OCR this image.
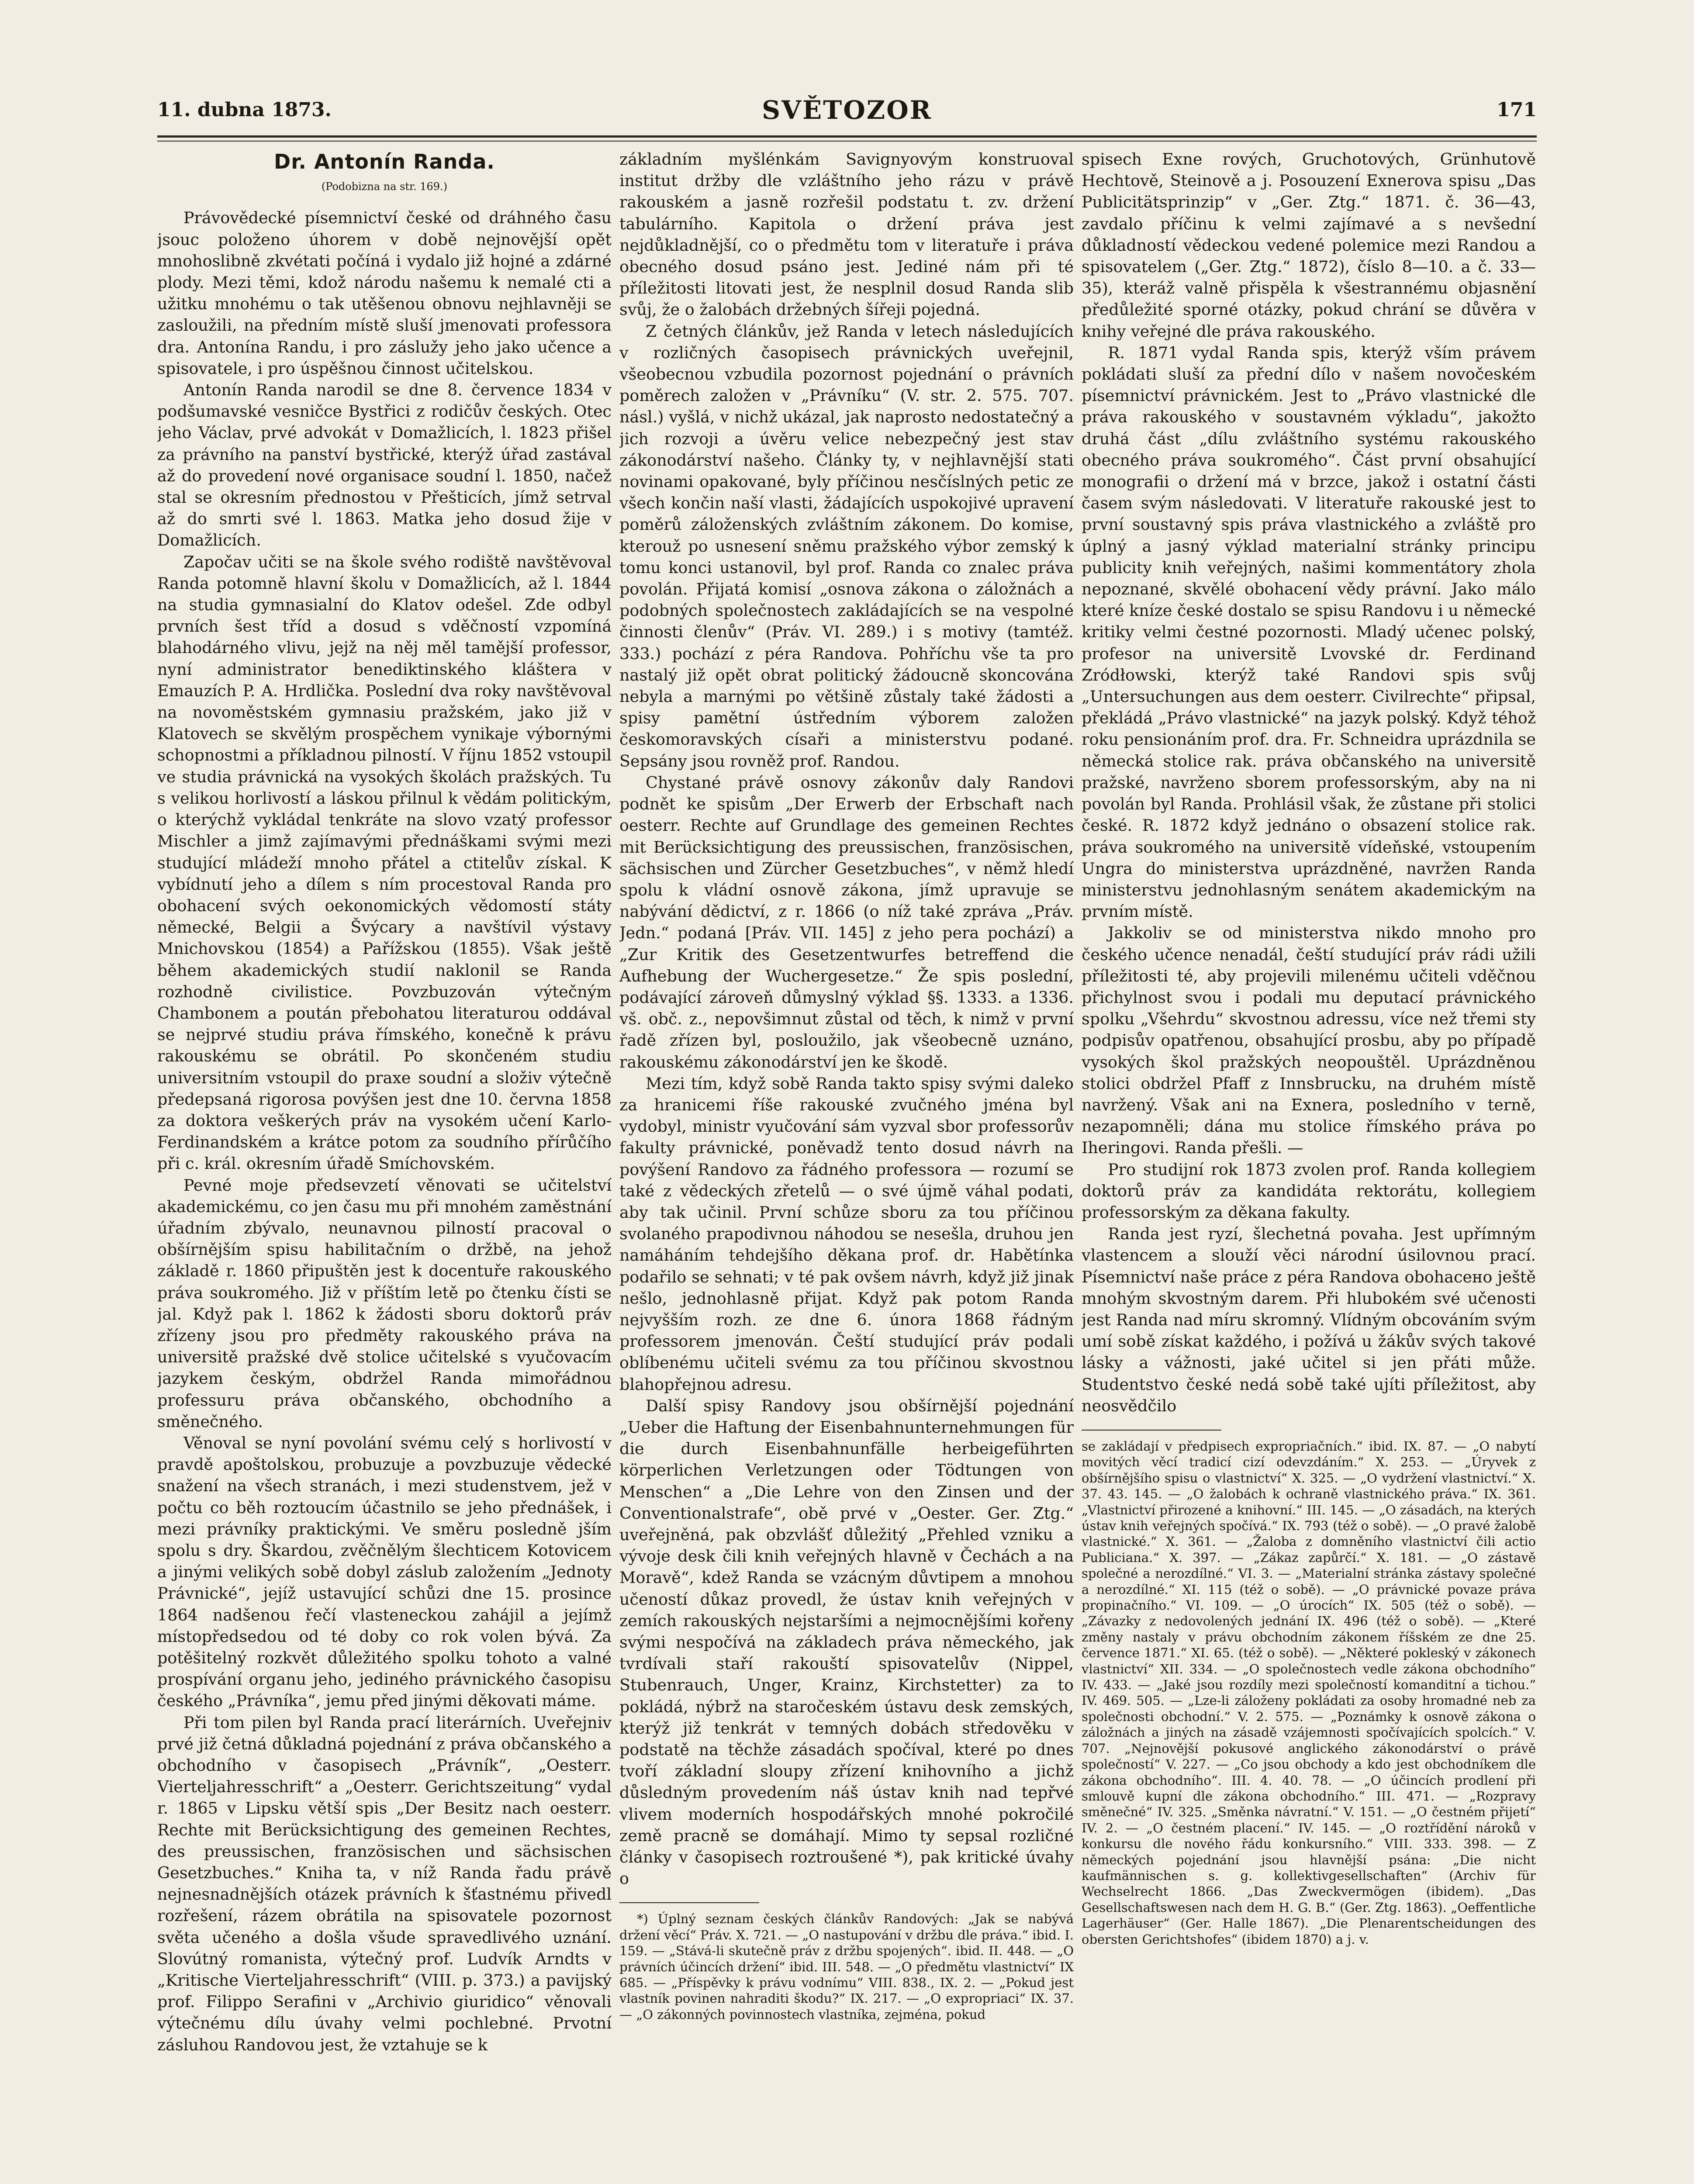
11. dubna 1873.	SVĚTOZOR	171
Dr. Antonín Randa.
(Podobizna na str. 169.)

Právovědecké písemnictví české od dráhného času jsouc položeno úhorem v době nejnovější opět mnohoslibně zkvétati počíná i vydalo již hojné a zdárné plody. Mezi těmi, kdož národu našemu k nemalé cti a užitku mnohému o tak utěšenou obnovu nejhlavněji se zasloužili, na předním místě sluší jmenovati professora dra. Antonína Randu, i pro záslužy jeho jako učence a spisovatele, i pro úspěšnou činnost učitelskou.

Antonín Randa narodil se dne 8. července 1834 v podšumavské vesničce Bystřici z rodičův českých. Otec jeho Václav, prvé advokát v Domažlicích, l. 1823 přišel za právního na panství bystřické, kterýž úřad zastával až do provedení nové organisace soudní l. 1850, načež stal se okresním přednostou v Přešticích, jímž setrval až do smrti své l. 1863. Matka jeho dosud žije v Domažlicích.

Započav učiti se na škole svého rodiště navštěvoval Randa potomně hlavní školu v Domažlicích, až l. 1844 na studia gymnasialní do Klatov odešel. Zde odbyl prvních šest tříd a dosud s vděčností vzpomíná blahodárného vlivu, jejž na něj měl tamější professor, nyní administrator benediktinského kláštera v Emauzích P. A. Hrdlička. Poslední dva roky navštěvoval na novoměstském gymnasiu pražském, jako již v Klatovech se skvělým prospěchem vynikaje výbornými schopnostmi a příkladnou pilností. V říjnu 1852 vstoupil ve studia právnická na vysokých školách pražských. Tu s velikou horlivostí a láskou přilnul k vědám politickým, o kterýchž vykládal tenkráte na slovo vzatý professor Mischler a jimž zajímavými přednáškami svými mezi studující mládeží mnoho přátel a ctitelův získal. K vybídnutí jeho a dílem s ním procestoval Randa pro obohacení svých oekonomických vědomostí státy německé, Belgii a Švýcary a navštívil výstavy Mnichovskou (1854) a Pařížskou (1855). Však ještě během akademických studií naklonil se Randa rozhodně civilistice. Povzbuzován výtečným Chambonem a poután přebohatou literaturou oddával se nejprvé studiu práva římského, konečně k právu rakouskému se obrátil. Po skončeném studiu universitním vstoupil do praxe soudní a složiv výtečně předepsaná rigorosa povýšen jest dne 10. června 1858 za doktora veškerých práv na vysokém učení Karlo-Ferdinandském a krátce potom za soudního přírůčího při c. král. okresním úřadě Smíchovském.

Pevné moje předsevzetí věnovati se učitelství akademickému, co jen času mu při mnohém zaměstnání úřadním zbývalo, neunavnou pilností pracoval o obšírnějším spisu habilitačním o držbě, na jehož základě r. 1860 připuštěn jest k docentuře rakouského práva soukromého. Již v příštím letě po čtenku čísti se jal. Když pak l. 1862 k žádosti sboru doktorů práv zřízeny jsou pro předměty rakouského práva na universitě pražské dvě stolice učitelské s vyučovacím jazykem českým, obdržel Randa mimořádnou professuru práva občanského, obchodního a směnečného.

Věnoval se nyní povolání svému celý s horlivostí v pravdě apoštolskou, probuzuje a povzbuzuje vědecké snažení na všech stranách, i mezi studenstvem, jež v počtu co běh roztoucím účastnilo se jeho přednášek, i mezi právníky praktickými. Ve směru posledně jším spolu s dry. Škardou, zvěčnělým šlechticem Kotovicem a jinými velikých sobě dobyl záslub založením „Jednoty Právnické“, jejíž ustavující schůzi dne 15. prosince 1864 nadšenou řečí vlasteneckou zahájil a jejímž místopředsedou od té doby co rok volen bývá. Za potěšitelný rozkvět důležitého spolku tohoto a valné prospívání organu jeho, jediného právnického časopisu českého „Právníka“, jemu před jinými děkovati máme.

Při tom pilen byl Randa prací literárních. Uveřejniv prvé již četná důkladná pojednání z práva občanského a obchodního v časopisech „Právník“, „Oesterr. Vierteljahresschrift“ a „Oesterr. Gerichtszeitung“ vydal r. 1865 v Lipsku větší spis „Der Besitz nach oesterr. Rechte mit Berücksichtigung des gemeinen Rechtes, des preussischen, französischen und sächsischen Gesetzbuches.“ Kniha ta, v níž Randa řadu právě nejnesnadnějších otázek právních k šťastnému přivedl rozřešení, rázem obrátila na spisovatele pozornost světa učeného a došla všude spravedlivého uznání. Slovútný romanista, výtečný prof. Ludvík Arndts v „Kritische Vierteljahresschrift“ (VIII. p. 373.) a pavijský prof. Filippo Serafini v „Archivio giuridico“ věnovali výtečnému dílu úvahy velmi pochlebné. Prvotní zásluhou Randovou jest, že vztahuje se k

základním myšlénkám Savignyovým konstruoval institut držby dle vzláštního jeho rázu v právě rakouském a jasně rozřešil podstatu t. zv. držení tabulárního. Kapitola o držení práva jest nejdůkladnější, co o předmětu tom v literatuře i práva obecného dosud psáno jest. Jediné nám při té příležitosti litovati jest, že nesplnil dosud Randa slib svůj, že o žalobách držebných šířeji pojedná.

Z četných článkův, jež Randa v letech následujících v rozličných časopisech právnických uveřejnil, všeobecnou vzbudila pozornost pojednání o právních poměrech založen v „Právníku“ (V. str. 2. 575. 707. násl.) vyšlá, v nichž ukázal, jak naprosto nedostatečný a jich rozvoji a úvěru velice nebezpečný jest stav zákonodárství našeho. Články ty, v nejhlavnější stati novinami opakované, byly příčinou nesčíslných petic ze všech končin naší vlasti, žádajících uspokojivé upravení poměrů záloženských zvláštním zákonem. Do komise, kterouž po usnesení sněmu pražského výbor zemský k tomu konci ustanovil, byl prof. Randa co znalec práva povolán. Přijatá komisí „osnova zákona o záložnách a podobných společnostech zakládajících se na vespolné činnosti členův“ (Práv. VI. 289.) i s motivy (tamtéž. 333.) pochází z péra Randova. Pohříchu vše ta pro nastalý již opět obrat politický žádoucně skoncována nebyla a marnými po většině zůstaly také žádosti a spisy pamětní ústředním výborem založen českomoravských císaři a ministerstvu podané. Sepsány jsou rovněž prof. Randou.

Chystané právě osnovy zákonův daly Randovi podnět ke spisům „Der Erwerb der Erbschaft nach oesterr. Rechte auf Grundlage des gemeinen Rechtes mit Berücksichtigung des preussischen, französischen, sächsischen und Zürcher Gesetzbuches“, v němž hledí spolu k vládní osnově zákona, jímž upravuje se nabývání dědictví, z r. 1866 (o níž také zpráva „Práv. Jedn.“ podaná [Práv. VII. 145] z jeho pera pochází) a „Zur Kritik des Gesetzentwurfes betreffend die Aufhebung der Wuchergesetze.“ Že spis poslední, podávající zároveň důmyslný výklad §§. 1333. a 1336. vš. obč. z., nepovšimnut zůstal od těch, k nimž v první řadě zřízen byl, posloužilo, jak všeobecně uznáno, rakouskému zákonodárství jen ke škodě.

Mezi tím, když sobě Randa takto spisy svými daleko za hranicemi říše rakouské zvučného jména byl vydobyl, ministr vyučování sám vyzval sbor professorův fakulty právnické, poněvadž tento dosud návrh na povýšení Randovo za řádného professora — rozumí se také z vědeckých zřetelů — o své újmě váhal podati, aby tak učinil. První schůze sboru za tou příčinou svolaného prapodivnou náhodou se nesešla, druhou jen namáháním tehdejšího děkana prof. dr. Habětínka podařilo se sehnati; v té pak ovšem návrh, když již jinak nešlo, jednohlasně přijat. Když pak potom Randa nejvyšším rozh. ze dne 6. února 1868 řádným professorem jmenován. Čeští studující práv podali oblíbenému učiteli svému za tou příčinou skvostnou blahopřejnou adresu.

Další spisy Randovy jsou obšírnější pojednání „Ueber die Haftung der Eisenbahnunternehmungen für die durch Eisenbahnunfälle herbeigeführten körperlichen Verletzungen oder Tödtungen von Menschen“ a „Die Lehre von den Zinsen und der Conventionalstrafe“, obě prvé v „Oester. Ger. Ztg.“ uveřejněná, pak obzvlášť důležitý „Přehled vzniku a vývoje desk čili knih veřejných hlavně v Čechách a na Moravě“, kdež Randa se vzácným důvtipem a mnohou učeností důkaz provedl, že ústav knih veřejných v zemích rakouských nejstaršími a nejmocnějšími kořeny svými nespočívá na základech práva německého, jak tvrdívali staří rakouští spisovatelův (Nippel, Stubenrauch, Unger, Krainz, Kirchstetter) za to pokládá, nýbrž na staročeském ústavu desk zemských, kterýž již tenkrát v temných dobách středověku v podstatě na těchže zásadách spočíval, které po dnes tvoří základní sloupy zřízení knihovního a jichž důsledným provedením náš ústav knih nad tepřvé vlivem moderních hospodářských mnohé pokročilé země pracně se domáhají. Mimo ty sepsal rozličné články v časopisech roztroušené *), pak kritické úvahy o

*) Úplný seznam českých článkův Randových: „Jak se nabývá držení věcí“ Práv. X. 721. — „O nastupování v držbu dle práva.“ ibid. I. 159. — „Stává-li skutečně práv z držbu spojených“. ibid. II. 448. — „O právních účincích držení“ ibid. III. 548. — „O předmětu vlastnictví“ IX 685. — „Příspěvky k právu vodnímu“ VIII. 838., IX. 2. — „Pokud jest vlastník povinen nahraditi škodu?“ IX. 217. — „O expropriaci“ IX. 37. — „O zákonných povinnostech vlastníka, zejména, pokud

spisech Exne rových, Gruchotových, Grünhutově Hechtově, Steinově a j. Posouzení Exnerova spisu „Das Publicitätsprinzip“ v „Ger. Ztg.“ 1871. č. 36—43, zavdalo příčinu k velmi zajímavé a s nevšední důkladností vědeckou vedené polemice mezi Randou a spisovatelem („Ger. Ztg.“ 1872), číslo 8—10. a č. 33—35), kteráž valně přispěla k všestrannému objasnění předůležité sporné otázky, pokud chrání se důvěra v knihy veřejné dle práva rakouského.

R. 1871 vydal Randa spis, kterýž vším právem pokládati sluší za přední dílo v našem novočeském písemnictví právnickém. Jest to „Právo vlastnické dle práva rakouského v soustavném výkladu“, jakožto druhá část „dílu zvláštního systému rakouského obecného práva soukromého“. Část první obsahující monografii o držení má v brzce, jakož i ostatní části časem svým následovati. V literatuře rakouské jest to první soustavný spis práva vlastnického a zvláště pro úplný a jasný výklad materialní stránky principu publicity knih veřejných, našimi kommentátory zhola nepoznané, skvělé obohacení vědy právní. Jako málo které kníze české dostalo se spisu Randovu i u německé kritiky velmi čestné pozornosti. Mladý učenec polský, profesor na universitě Lvovské dr. Ferdinand Zródłowski, kterýž také Randovi spis svůj „Untersuchungen aus dem oesterr. Civilrechte“ připsal, překládá „Právo vlastnické“ na jazyk polský. Když téhož roku pensionáním prof. dra. Fr. Schneidra uprázdnila se německá stolice rak. práva občanského na universitě pražské, navrženo sborem professorským, aby na ni povolán byl Randa. Prohlásil však, že zůstane při stolici české. R. 1872 když jednáno o obsazení stolice rak. práva soukromého na universitě vídeňské, vstoupením Ungra do ministerstva uprázdněné, navržen Randa ministerstvu jednohlasným senátem akademickým na prvním místě.

Jakkoliv se od ministerstva nikdo mnoho pro českého učence nenadál, čeští studující práv rádi užili příležitosti té, aby projevili milenému učiteli vděčnou přichylnost svou i podali mu deputací právnického spolku „Všehrdu“ skvostnou adressu, více než třemi sty podpisův opatřenou, obsahující prosbu, aby po případě vysokých škol pražských neopouštěl. Uprázdněnou stolici obdržel Pfaff z Innsbrucku, na druhém místě navržený. Však ani na Exnera, posledního v terně, nezapomněli; dána mu stolice římského práva po Iheringovi. Randa přešli. —

Pro studijní rok 1873 zvolen prof. Randa kollegiem doktorů práv za kandidáta rektorátu, kollegiem professorským za děkana fakulty.

Randa jest ryzí, šlechetná povaha. Jest upřímným vlastencem a slouží věci národní úsilovnou prací. Písemnictví naše práce z péra Randova obohacено ještě mnohým skvostným darem. Při hlubokém své učenosti jest Randa nad míru skromný. Vlídným obcováním svým umí sobě získat každého, i požívá u žákův svých takové lásky a vážnosti, jaké učitel si jen přáti může. Studentstvo české nedá sobě také ujíti příležitost, aby neosvědčilo

se zakládají v předpisech expropriačních.“ ibid. IX. 87. — „O nabytí movitých věcí tradicí cizí odevzdáním.“ X. 253. — „Úryvek z obšírnějšího spisu o vlastnictví“ X. 325. — „O vydržení vlastnictví.“ X. 37. 43. 145. — „O žalobách k ochraně vlastnického práva.“ IX. 361. „Vlastnictví přirozené a knihovní.“ III. 145. — „O zásadách, na kterých ústav knih veřejných spočívá.“ IX. 793 (též o sobě). — „O pravé žalobě vlastnické.“ X. 361. — „Žaloba z domněního vlastnictví čili actio Publiciana.“ X. 397. — „Zákaz zapůrčí.“ X. 181. — „O zástavě společné a nerozdílné.“ VI. 3. — „Materialní stránka zástavy společné a nerozdílné.“ XI. 115 (též o sobě). — „O právnické povaze práva propinačního.“ VI. 109. — „O úrocích“ IX. 505 (též o sobě). — „Závazky z nedovolených jednání IX. 496 (též o sobě). — „Které změny nastaly v právu obchodním zákonem říšském ze dne 25. července 1871.“ XI. 65. (též o sobě). — „Některé pokleský v zákonech vlastnictví“ XII. 334. — „O společnostech vedle zákona obchodního“ IV. 433. — „Jaké jsou rozdíly mezi společností komanditní a tichou.“ IV. 469. 505. — „Lze-li záloženy pokládati za osoby hromadné neb za společnosti obchodní.“ V. 2. 575. — „Poznámky k osnově zákona o záložnách a jiných na zásadě vzájemnosti spočívajících spolcích.“ V. 707. „Nejnovější pokusové anglického zákonodárství o právě společností“ V. 227. — „Co jsou obchody a kdo jest obchodníkem dle zákona obchodního“. III. 4. 40. 78. — „O účincích prodlení při smlouvě kupní dle zákona obchodního.“ III. 471. — „Rozpravy směnečné“ IV. 325. „Směnka návratní.“ V. 151. — „O čestném přijetí“ IV. 2. — „O čestném placení.“ IV. 145. — „O roztřídění nároků v konkursu dle nového řádu konkursního.“ VIII. 333. 398. — Z německých pojednání jsou hlavnější psána: „Die nicht kaufmännischen s. g. kollektivgesellschaften“ (Archiv für Wechselrecht 1866. „Das Zweckvermögen (ibidem). „Das Gesellschaftswesen nach dem H. G. B.“ (Ger. Ztg. 1863). „Oeffentliche Lagerhäuser“ (Ger. Halle 1867). „Die Plenarentscheidungen des obersten Gerichtshofes“ (ibidem 1870) a j. v.
